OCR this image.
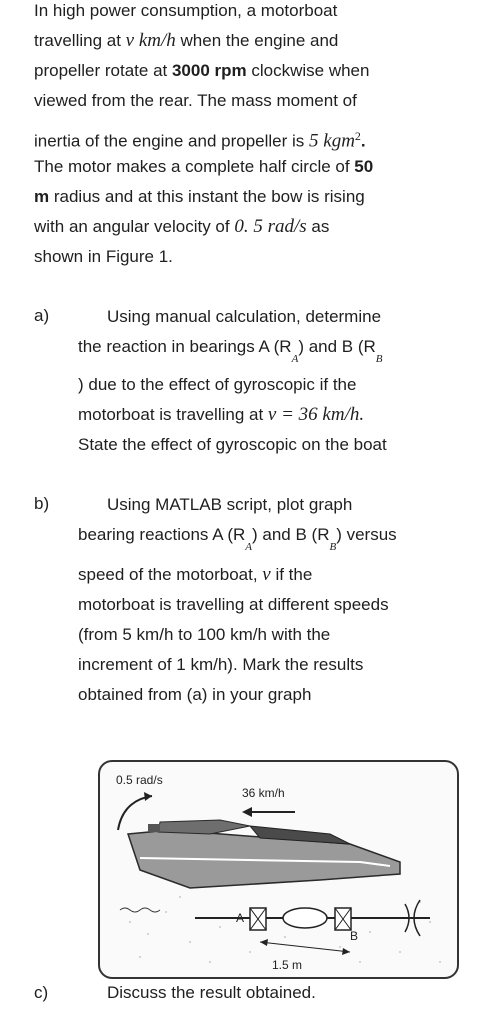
In high power consumption, a motorboat

travelling at v km/h when the engine and

propeller rotate at 3000 rpm clockwise when

viewed from the rear. The mass moment of

inertia of the engine and propeller is 5 kgm$^2$.

The motor makes a complete half circle of 50

m radius and at this instant the bow is rising

with an angular velocity of 0. 5 rad/s as

shown in Figure 1.

a)	Using manual calculation, determine

the reaction in bearings A $(R_A)$ and B ($R_B$

) due to the effect of gyroscopic if the

motorboat is travelling at v = 36 km/h.

State the effect of gyroscopic on the boat

b)	Using MATLAB script, plot graph

bearing reactions A $(R_A)$ and B $(R_B)$ versus

speed of the motorboat, v if the

motorboat is travelling at different speeds

(from 5 km/h to 100 km/h with the

increment of 1 km/h). Mark the results

obtained from (a) in your graph

0.5 rad/s
36 km/h
A
B
1.5 m
c)	Discuss the result obtained.
